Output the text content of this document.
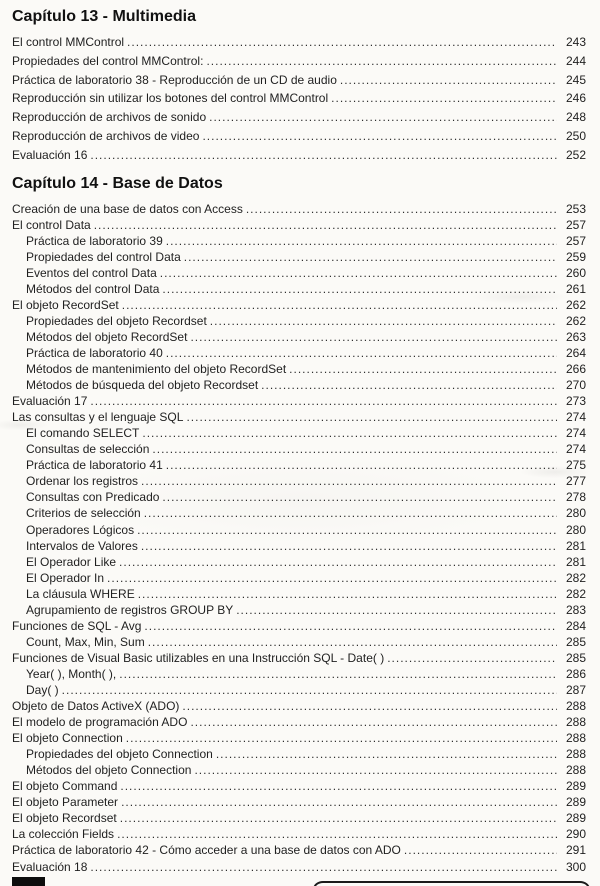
Capítulo 13 - Multimedia
El control MMControl .....	243
Propiedades del control MMControl: .....	244
Práctica de laboratorio 38 - Reproducción de un CD de audio .....	245
Reproducción sin utilizar los botones del control MMControl .....	246
Reproducción de archivos de sonido .....	248
Reproducción de archivos de video .....	250
Evaluación 16 .....	252
Capítulo 14 - Base de Datos
Creación de una base de datos con Access .....	253
El control Data .....	257
Práctica de laboratorio 39 .....	257
Propiedades del control Data .....	259
Eventos del control Data .....	260
Métodos del control Data .....	261
El objeto RecordSet .....	262
Propiedades del objeto Recordset .....	262
Métodos del objeto RecordSet .....	263
Práctica de laboratorio 40 .....	264
Métodos de mantenimiento del objeto RecordSet .....	266
Métodos de búsqueda del objeto Recordset .....	270
Evaluación 17 .....	273
Las consultas y el lenguaje SQL .....	274
El comando SELECT .....	274
Consultas de selección .....	274
Práctica de laboratorio 41 .....	275
Ordenar los registros .....	277
Consultas con Predicado .....	278
Criterios de selección .....	280
Operadores Lógicos .....	280
Intervalos de Valores .....	281
El Operador Like .....	281
El Operador In .....	282
La cláusula WHERE .....	282
Agrupamiento de registros GROUP BY .....	283
Funciones de SQL - Avg .....	284
Count, Max, Min, Sum .....	285
Funciones de Visual Basic utilizables en una Instrucción SQL - Date( ) .....	285
Year( ), Month( ), .....	286
Day( ) .....	287
Objeto de Datos ActiveX (ADO) .....	288
El modelo de programación ADO .....	288
El objeto Connection .....	288
Propiedades del objeto Connection .....	288
Métodos del objeto Connection .....	288
El objeto Command .....	289
El objeto Parameter .....	289
El objeto Recordset .....	289
La colección Fields .....	290
Práctica de laboratorio 42 - Cómo acceder a una base de datos con ADO .....	291
Evaluación 18 .....	300
